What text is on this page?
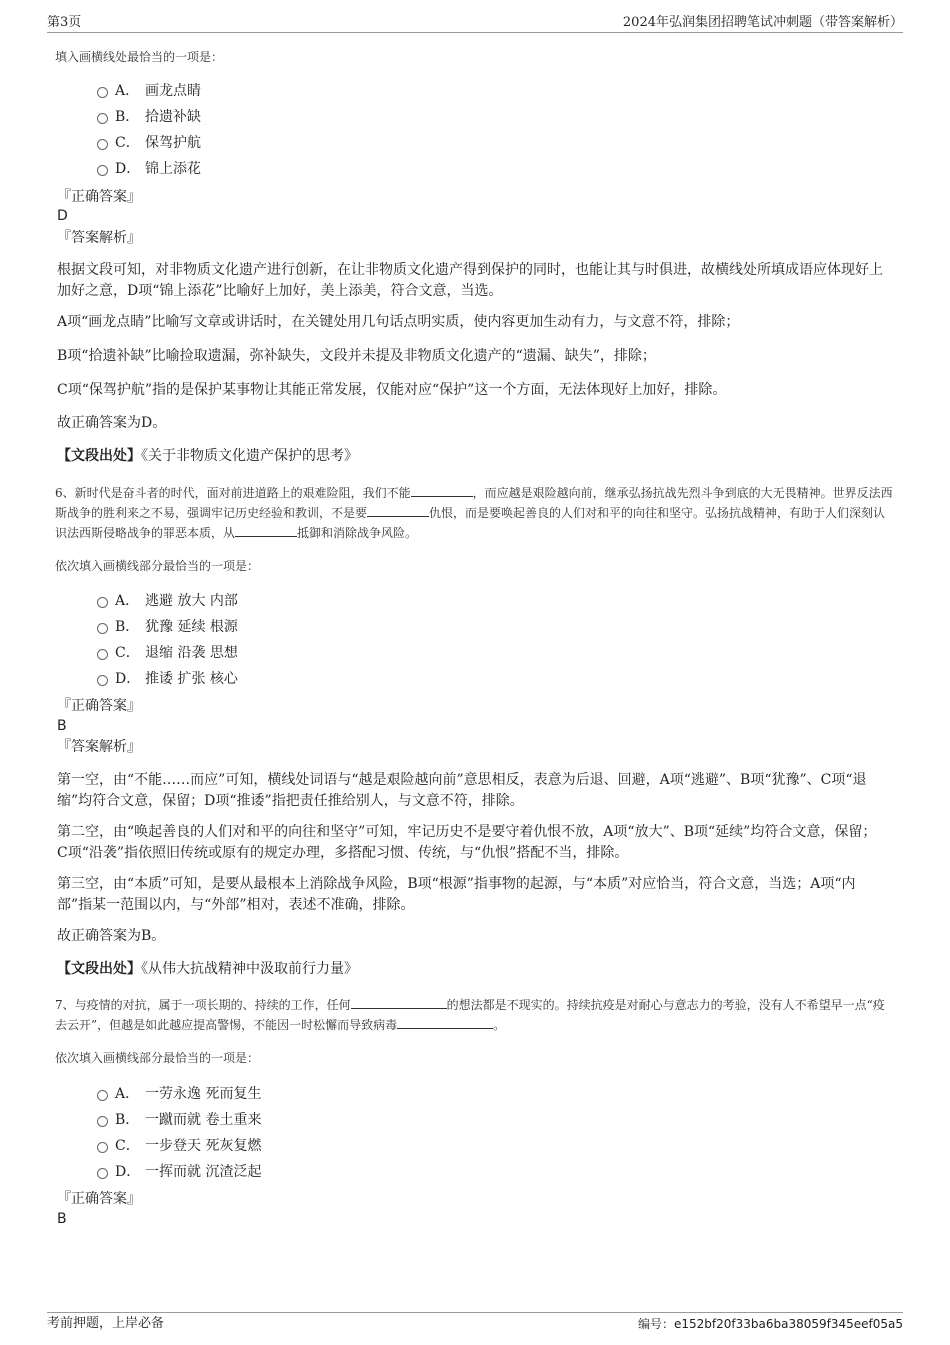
第3页	2024年弘润集团招聘笔试冲刺题（带答案解析）
填入画横线处最恰当的一项是：
A． 画龙点睛
B． 拾遗补缺
C． 保驾护航
D． 锦上添花
『正确答案』
D
『答案解析』
根据文段可知，对非物质文化遗产进行创新，在让非物质文化遗产得到保护的同时，也能让其与时俱进，故横线处所填成语应体现好上加好之意，D项“锦上添花”比喻好上加好，美上添美，符合文意，当选。
A项“画龙点睛”比喻写文章或讲话时，在关键处用几句话点明实质，使内容更加生动有力，与文意不符，排除；
B项“拾遗补缺”比喻捡取遗漏，弥补缺失，文段并未提及非物质文化遗产的“遗漏、缺失”，排除；
C项“保驾护航”指的是保护某事物让其能正常发展，仅能对应“保护”这一个方面，无法体现好上加好，排除。
故正确答案为D。
【文段出处】《关于非物质文化遗产保护的思考》
6、新时代是奋斗者的时代，面对前进道路上的艰难险阻，我们不能	，而应越是艰险越向前，继承弘扬抗战先烈斗争到底的大无畏精神。世界反法西斯战争的胜利来之不易，强调牢记历史经验和教训，不是要	仇恨，而是要唤起善良的人们对和平的向往和坚守。弘扬抗战精神，有助于人们深刻认识法西斯侵略战争的罪恶本质，从	抵御和消除战争风险。
依次填入画横线部分最恰当的一项是：
A． 逃避 放大 内部
B． 犹豫 延续 根源
C． 退缩 沿袭 思想
D． 推诿 扩张 核心
『正确答案』
B
『答案解析』
第一空，由“不能……而应”可知，横线处词语与“越是艰险越向前”意思相反，表意为后退、回避，A项“逃避”、B项“犹豫”、C项“退缩”均符合文意，保留；D项“推诿”指把责任推给别人，与文意不符，排除。
第二空，由“唤起善良的人们对和平的向往和坚守”可知，牢记历史不是要守着仇恨不放，A项“放大”、B项“延续”均符合文意，保留；C项“沿袭”指依照旧传统或原有的规定办理，多搭配习惯、传统，与“仇恨”搭配不当，排除。
第三空，由“本质”可知，是要从最根本上消除战争风险，B项“根源”指事物的起源，与“本质”对应恰当，符合文意，当选；A项“内部”指某一范围以内，与“外部”相对，表述不准确，排除。
故正确答案为B。
【文段出处】《从伟大抗战精神中汲取前行力量》
7、与疫情的对抗，属于一项长期的、持续的工作，任何	的想法都是不现实的。持续抗疫是对耐心与意志力的考验，没有人不希望早一点“疫去云开”，但越是如此越应提高警惕，不能因一时松懈而导致病毒	。
依次填入画横线部分最恰当的一项是：
A． 一劳永逸 死而复生
B． 一蹴而就 卷土重来
C． 一步登天 死灰复燃
D． 一挥而就 沉渣泛起
『正确答案』
B
考前押题，上岸必备	编号：e152bf20f33ba6ba38059f345eef05a5
